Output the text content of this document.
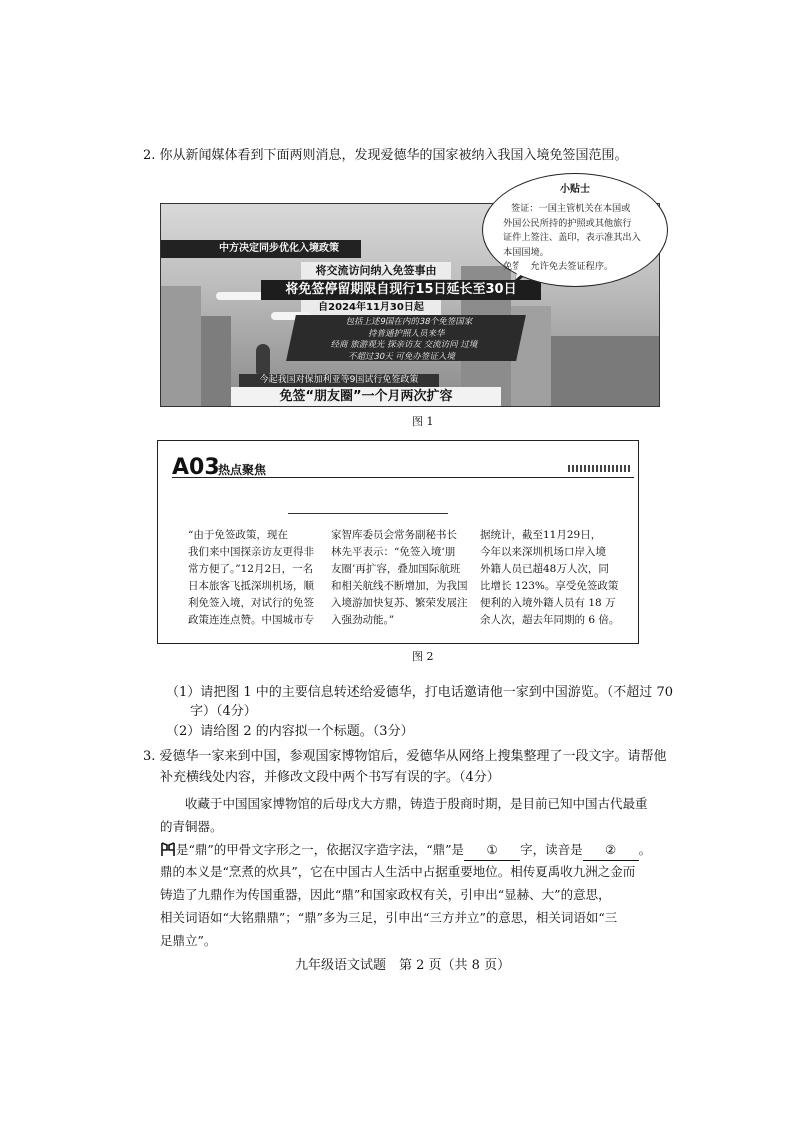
2. 你从新闻媒体看到下面两则消息，发现爱德华的国家被纳入我国入境免签国范围。
中方决定同步优化入境政策
将交流访问纳入免签事由
将免签停留期限自现行15日延长至30日
自2024年11月30日起
包括上述9国在内的38个免签国家
持普通护照人员来华
经商 旅游观光 探亲访友 交流访问 过境
不超过30天 可免办签证入境
今起我国对保加利亚等9国试行免签政策
免签“朋友圈”一个月两次扩容
小贴士
签证：一国主管机关在本国或
外国公民所持的护照或其他旅行
证件上签注、盖印，表示准其出入
本国国境。
免签：允许免去签证程序。
图 1
A03
热点聚焦
“由于免签政策，现在
我们来中国探亲访友更得非
常方便了。”12月2日，一名
日本旅客飞抵深圳机场，顺
利免签入境，对试行的免签
政策连连点赞。中国城市专
家智库委员会常务副秘书长
林先平表示：“免签入境‘朋
友圈’再扩容，叠加国际航班
和相关航线不断增加，为我国
入境游加快复苏、繁荣发展注
入强劲动能。”
据统计，截至11月29日，
今年以来深圳机场口岸入境
外籍人员已超48万人次，同
比增长 123%。享受免签政策
便利的入境外籍人员有 18 万
余人次，超去年同期的 6 倍。
图 2
（1）请把图 1 中的主要信息转述给爱德华，打电话邀请他一家到中国游览。（不超过 70
字）（4分）
（2）请给图 2 的内容拟一个标题。（3分）
3. 爱德华一家来到中国，参观国家博物馆后，爱德华从网络上搜集整理了一段文字。请帮他
补充横线处内容，并修改文段中两个书写有误的字。（4分）
收藏于中国国家博物馆的后母戊大方鼎，铸造于殷商时期，是目前已知中国古代最重
的青铜器。
是“鼎”的甲骨文字形之一，依据汉字造字法，“鼎”是 ① 字，读音是 ② 。
鼎的本义是“烹煮的炊具”，它在中国古人生活中占据重要地位。相传夏禹收九洲之金而
铸造了九鼎作为传国重器，因此“鼎”和国家政权有关，引申出“显赫、大”的意思，
相关词语如“大铭鼎鼎”；“鼎”多为三足，引申出“三方并立”的意思，相关词语如“三
足鼎立”。
九年级语文试题　第 2 页（共 8 页）
